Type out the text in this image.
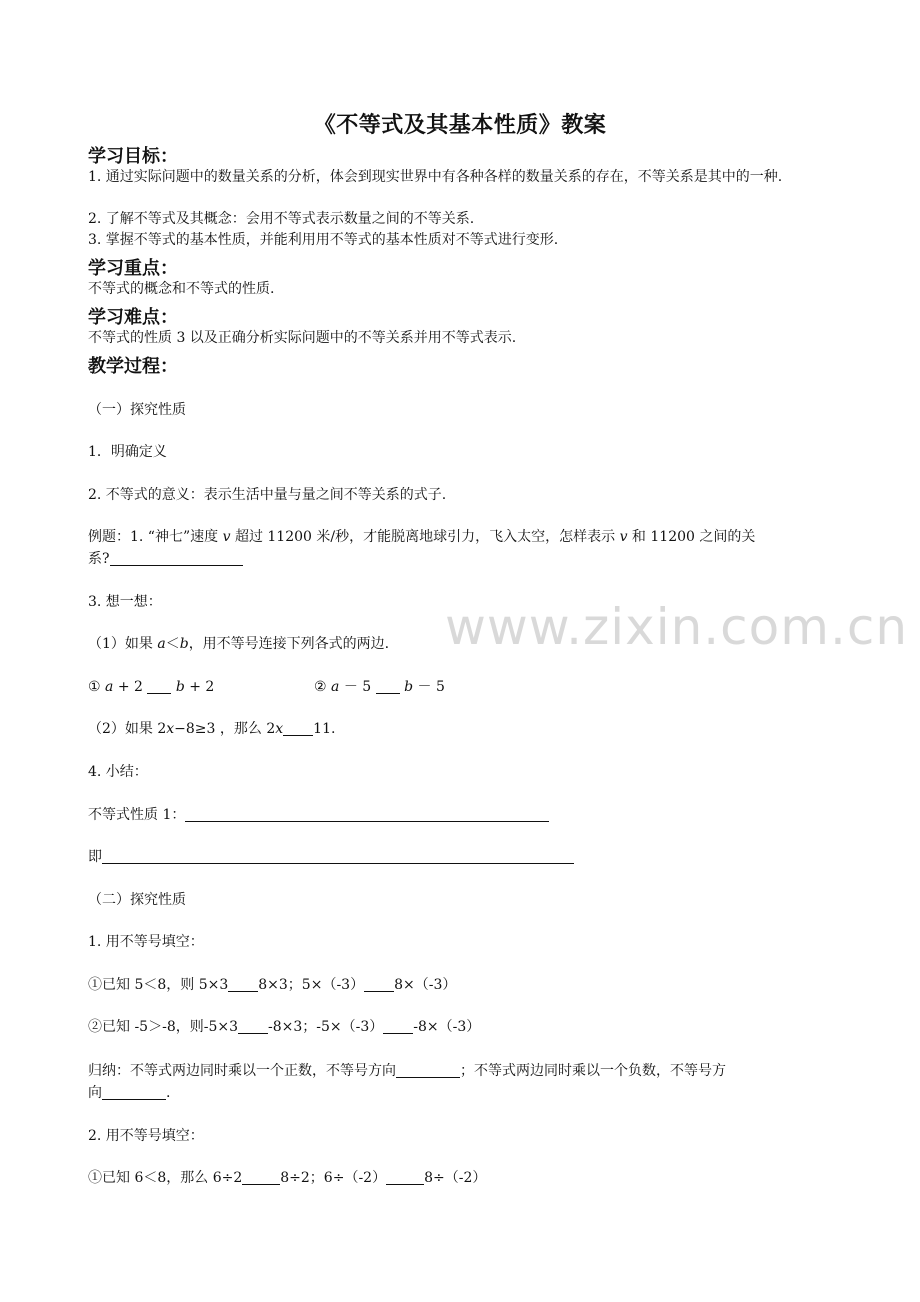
《不等式及其基本性质》教案
学习目标：
1. 通过实际问题中的数量关系的分析，体会到现实世界中有各种各样的数量关系的存在，不等关系是其中的一种.
2. 了解不等式及其概念：会用不等式表示数量之间的不等关系.
3. 掌握不等式的基本性质，并能利用用不等式的基本性质对不等式进行变形.
学习重点：
不等式的概念和不等式的性质.
学习难点：
不等式的性质 3 以及正确分析实际问题中的不等关系并用不等式表示.
教学过程：
（一）探究性质
1．明确定义
2. 不等式的意义：表示生活中量与量之间不等关系的式子.
例题：1. “神七”速度 v 超过 11200 米/秒，才能脱离地球引力，飞入太空，怎样表示 v 和 11200 之间的关
系?
3. 想一想：
（1）如果 a＜b，用不等号连接下列各式的两边.
① a + 2  b + 2	② a － 5  b － 5
（2）如果 2x−8≥3 ，那么 2x 11.
4. 小结：
不等式性质 1：
即
（二）探究性质
1. 用不等号填空：
①已知 5＜8，则 5×3 8×3；5×（-3） 8×（-3）
②已知 -5＞-8，则-5×3 -8×3；-5×（-3） -8×（-3）
归纳：不等式两边同时乘以一个正数，不等号方向	；不等式两边同时乘以一个负数，不等号方
向	.
2. 用不等号填空：
①已知 6＜8，那么 6÷2	8÷2；6÷（-2）	8÷（-2）
www.zixin.com.cn
